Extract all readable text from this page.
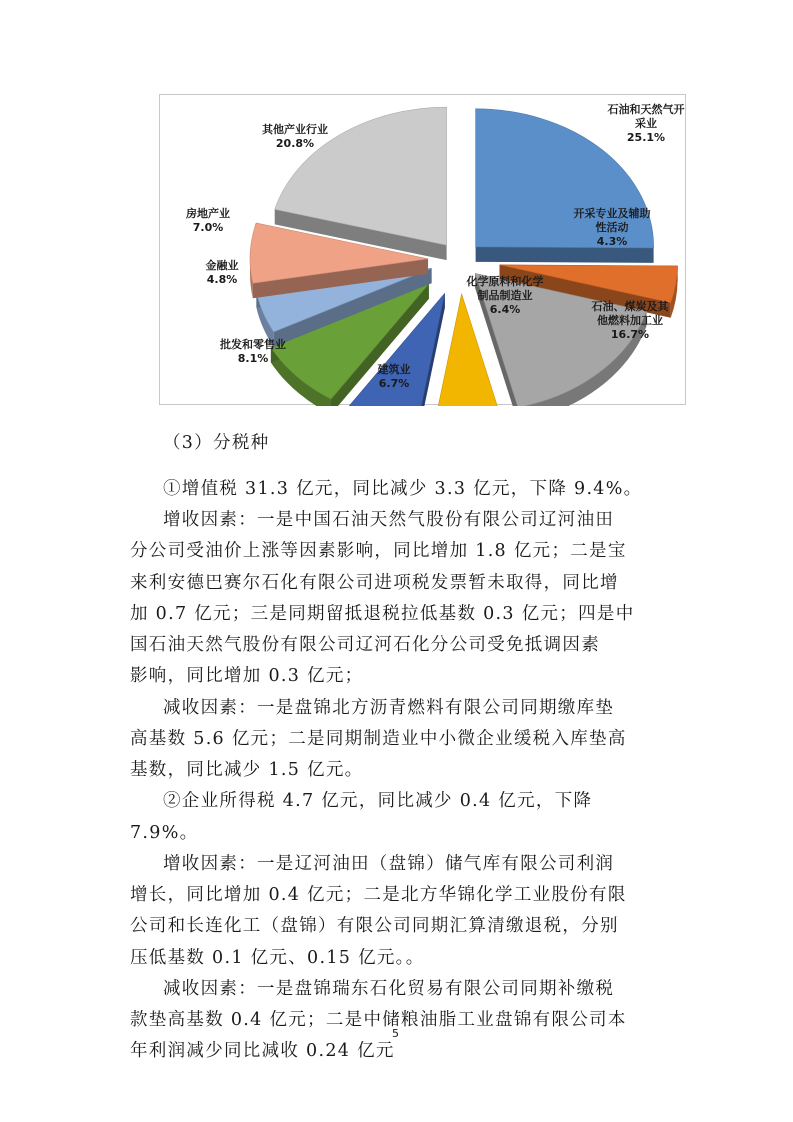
石油和天然气开
采业
25.1%
开采专业及辅助
性活动
4.3%
石油、煤炭及其
他燃料加工业
16.7%
化学原料和化学
制品制造业
6.4%
建筑业
6.7%
批发和零售业
8.1%
金融业
4.8%
房地产业
7.0%
其他产业行业
20.8%
（3）分税种
①增值税 31.3 亿元，同比减少 3.3 亿元，下降 9.4%。
增收因素：一是中国石油天然气股份有限公司辽河油田
分公司受油价上涨等因素影响，同比增加 1.8 亿元；二是宝
来利安德巴赛尔石化有限公司进项税发票暂未取得，同比增
加 0.7 亿元；三是同期留抵退税拉低基数 0.3 亿元；四是中
国石油天然气股份有限公司辽河石化分公司受免抵调因素
影响，同比增加 0.3 亿元；
减收因素：一是盘锦北方沥青燃料有限公司同期缴库垫
高基数 5.6 亿元；二是同期制造业中小微企业缓税入库垫高
基数，同比减少 1.5 亿元。
②企业所得税 4.7 亿元，同比减少 0.4 亿元，下降
7.9%。
增收因素：一是辽河油田（盘锦）储气库有限公司利润
增长，同比增加 0.4 亿元；二是北方华锦化学工业股份有限
公司和长连化工（盘锦）有限公司同期汇算清缴退税，分别
压低基数 0.1 亿元、0.15 亿元。。
减收因素：一是盘锦瑞东石化贸易有限公司同期补缴税
款垫高基数 0.4 亿元；二是中储粮油脂工业盘锦有限公司本
年利润减少同比减收 0.24 亿元
5
